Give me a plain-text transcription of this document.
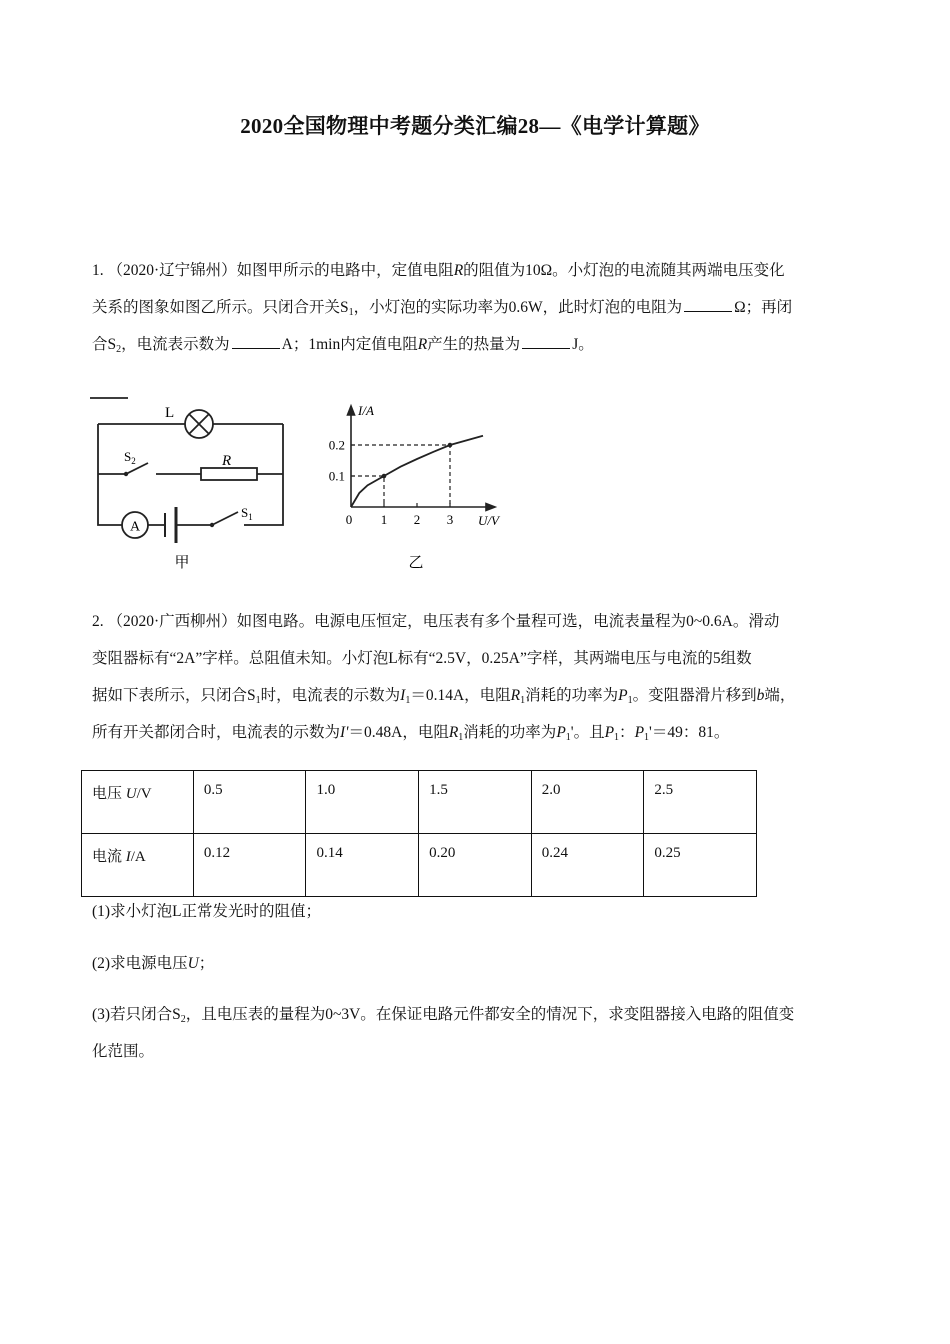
2020全国物理中考题分类汇编28—《电学计算题》

1. （2020·辽宁锦州）如图甲所示的电路中，定值电阻R的阻值为10Ω。小灯泡的电流随其两端电压变化
关系的图象如图乙所示。只闭合开关$S_1$，小灯泡的实际功率为0.6W，此时灯泡的电阻为	Ω；再闭
合$S_2$，电流表示数为	A；1min内定值电阻R产生的热量为	J。

A
L
$S_2$	R
$S_1$
甲
I/A
U/V
0 1 2 3
0.1
0.2
乙

2. （2020·广西柳州）如图电路。电源电压恒定，电压表有多个量程可选，电流表量程为0~0.6A。滑动
变阻器标有“2A”字样。总阻值未知。小灯泡L标有“2.5V，0.25A”字样，其两端电压与电流的5组数
据如下表所示，只闭合$S_1$时，电流表的示数为$I_1=0.14A$，电阻$R_1$消耗的功率为$P_1$。变阻器滑片移到b端，
所有开关都闭合时，电流表的示数为I'＝0.48A，电阻$R_1$消耗的功率为$P_1'$。且$P_1$：$P_1'=49$：81。

电压 U/V	0.5	1.0	1.5	2.0	2.5
电流 I/A	0.12	0.14	0.20	0.24	0.25

(1)求小灯泡L正常发光时的阻值；

(2)求电源电压U；

(3)若只闭合$S_2$，且电压表的量程为0~3V。在保证电路元件都安全的情况下，求变阻器接入电路的阻值变
化范围。
